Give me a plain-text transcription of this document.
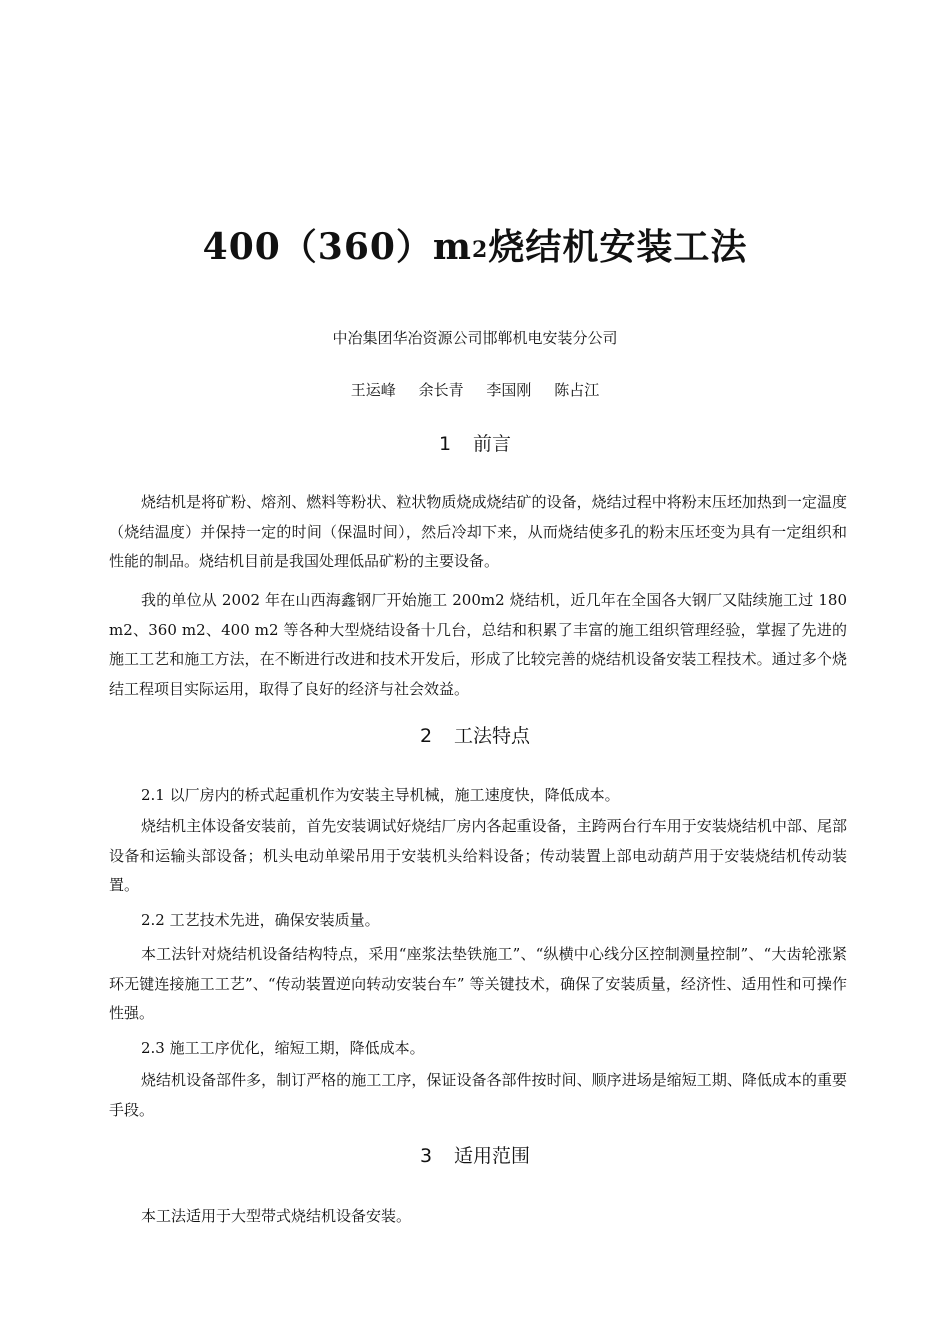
$400(360)m^2$烧结机安装工法
中冶集团华冶资源公司邯郸机电安装分公司
王运峰 余长青 李国刚 陈占江
1 前言
烧结机是将矿粉、熔剂、燃料等粉状、粒状物质烧成烧结矿的设备，烧结过程中将粉末压坯加热到一定温度（烧结温度）并保持一定的时间（保温时间），然后冷却下来，从而烧结使多孔的粉末压坯变为具有一定组织和性能的制品。烧结机目前是我国处理低品矿粉的主要设备。
我的单位从 2002 年在山西海鑫钢厂开始施工 200m2 烧结机，近几年在全国各大钢厂又陆续施工过 180 m2、360 m2、400 m2 等各种大型烧结设备十几台，总结和积累了丰富的施工组织管理经验，掌握了先进的施工工艺和施工方法，在不断进行改进和技术开发后，形成了比较完善的烧结机设备安装工程技术。通过多个烧结工程项目实际运用，取得了良好的经济与社会效益。
2 工法特点
2.1 以厂房内的桥式起重机作为安装主导机械，施工速度快，降低成本。
烧结机主体设备安装前，首先安装调试好烧结厂房内各起重设备，主跨两台行车用于安装烧结机中部、尾部设备和运输头部设备；机头电动单梁吊用于安装机头给料设备；传动装置上部电动葫芦用于安装烧结机传动装置。
2.2 工艺技术先进，确保安装质量。
本工法针对烧结机设备结构特点，采用“座浆法垫铁施工”、“纵横中心线分区控制测量控制”、“大齿轮涨紧环无键连接施工工艺”、“传动装置逆向转动安装台车” 等关键技术，确保了安装质量，经济性、适用性和可操作性强。
2.3 施工工序优化，缩短工期，降低成本。
烧结机设备部件多，制订严格的施工工序，保证设备各部件按时间、顺序进场是缩短工期、降低成本的重要手段。
3 适用范围
本工法适用于大型带式烧结机设备安装。
